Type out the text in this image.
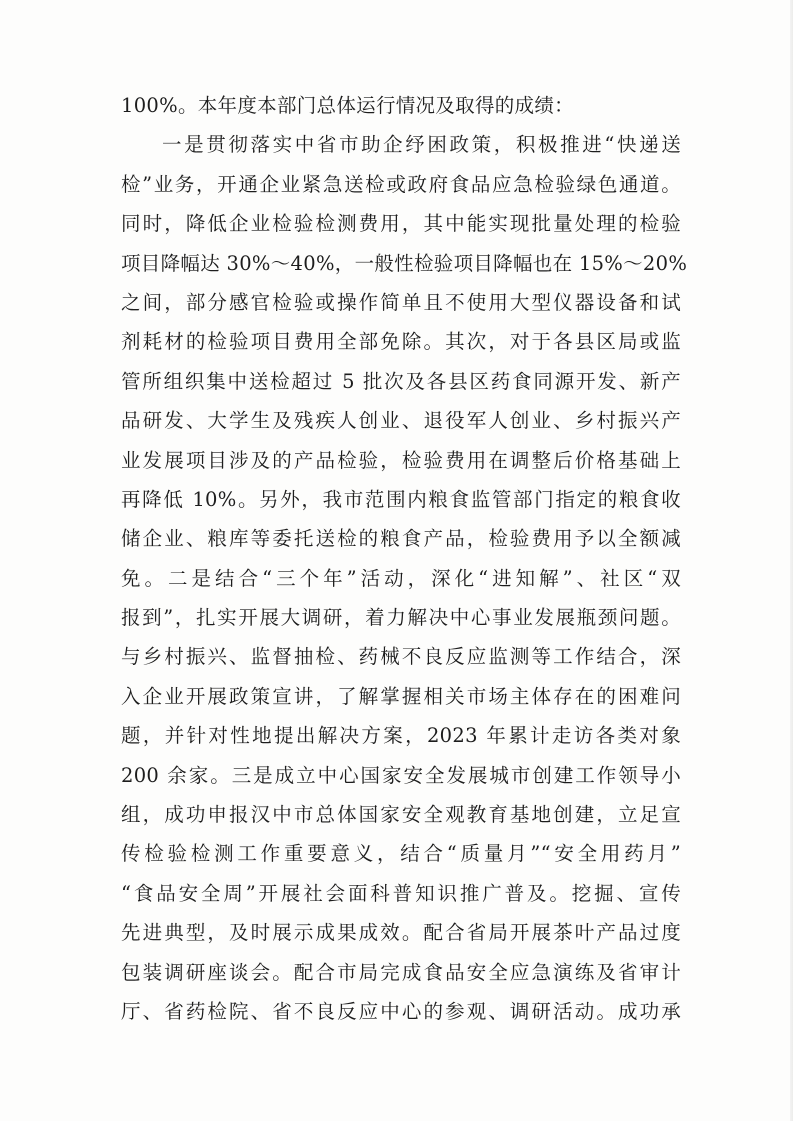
100%。本年度本部门总体运行情况及取得的成绩：
一是贯彻落实中省市助企纾困政策，积极推进“快递送
检”业务，开通企业紧急送检或政府食品应急检验绿色通道。
同时，降低企业检验检测费用，其中能实现批量处理的检验
项目降幅达 30%～40%，一般性检验项目降幅也在 15%～20%
之间，部分感官检验或操作简单且不使用大型仪器设备和试
剂耗材的检验项目费用全部免除。其次，对于各县区局或监
管所组织集中送检超过 5 批次及各县区药食同源开发、新产
品研发、大学生及残疾人创业、退役军人创业、乡村振兴产
业发展项目涉及的产品检验，检验费用在调整后价格基础上
再降低 10%。另外，我市范围内粮食监管部门指定的粮食收
储企业、粮库等委托送检的粮食产品，检验费用予以全额减
免。二是结合“三个年”活动，深化“进知解”、社区“双
报到”，扎实开展大调研，着力解决中心事业发展瓶颈问题。
与乡村振兴、监督抽检、药械不良反应监测等工作结合，深
入企业开展政策宣讲，了解掌握相关市场主体存在的困难问
题，并针对性地提出解决方案，2023 年累计走访各类对象
200 余家。三是成立中心国家安全发展城市创建工作领导小
组，成功申报汉中市总体国家安全观教育基地创建，立足宣
传检验检测工作重要意义，结合“质量月”“安全用药月”
“食品安全周”开展社会面科普知识推广普及。挖掘、宣传
先进典型，及时展示成果成效。配合省局开展茶叶产品过度
包装调研座谈会。配合市局完成食品安全应急演练及省审计
厅、省药检院、省不良反应中心的参观、调研活动。成功承
